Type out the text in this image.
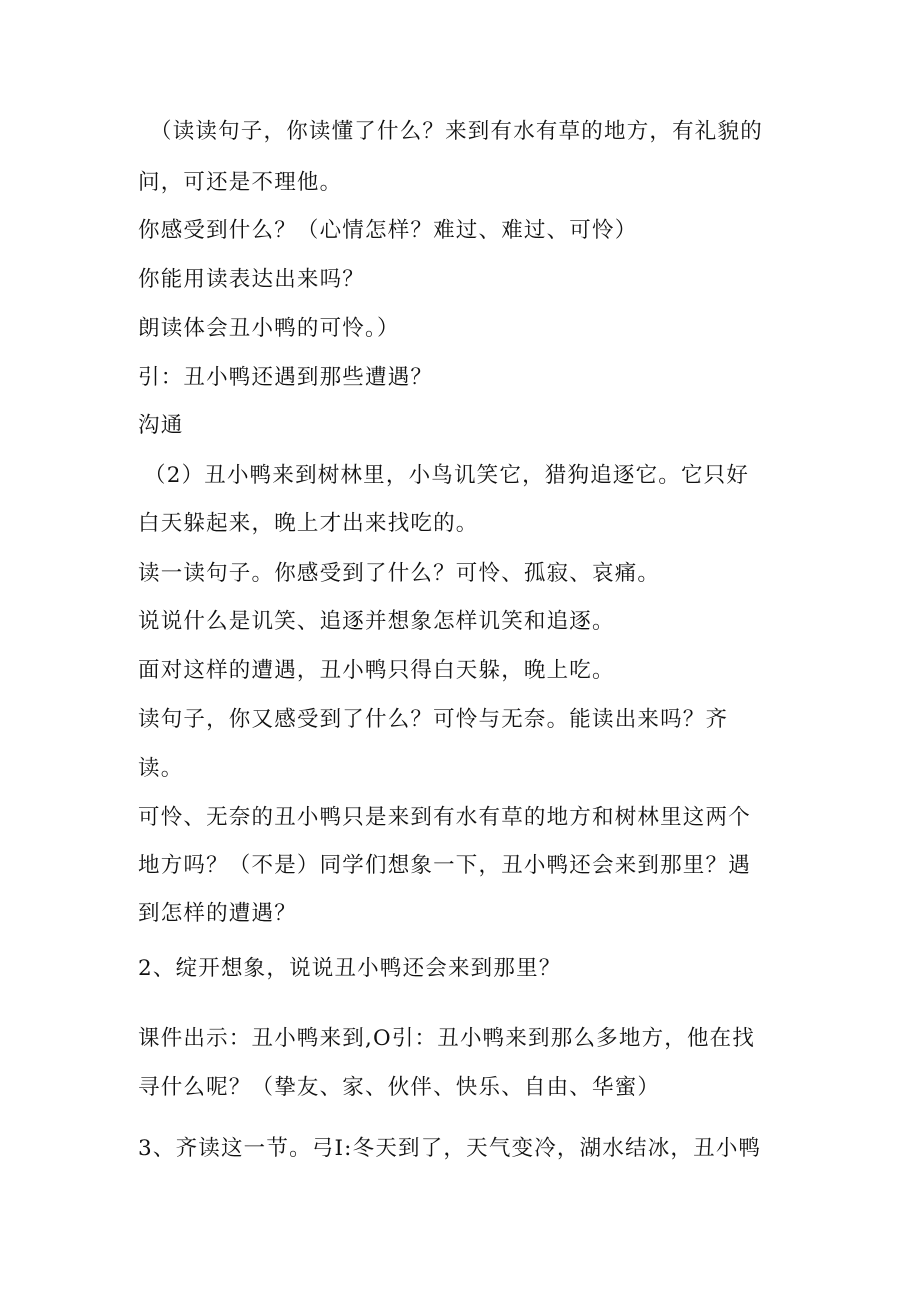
（读读句子，你读懂了什么？来到有水有草的地方，有礼貌的
问，可还是不理他。
你感受到什么？（心情怎样？难过、难过、可怜）
你能用读表达出来吗？
朗读体会丑小鸭的可怜。）
引：丑小鸭还遇到那些遭遇？
沟通
（2）丑小鸭来到树林里，小鸟讥笑它，猎狗追逐它。它只好
白天躲起来，晚上才出来找吃的。
读一读句子。你感受到了什么？可怜、孤寂、哀痛。
说说什么是讥笑、追逐并想象怎样讥笑和追逐。
面对这样的遭遇，丑小鸭只得白天躲，晚上吃。
读句子，你又感受到了什么？可怜与无奈。能读出来吗？齐
读。
可怜、无奈的丑小鸭只是来到有水有草的地方和树林里这两个
地方吗？（不是）同学们想象一下，丑小鸭还会来到那里？遇
到怎样的遭遇？
2、绽开想象，说说丑小鸭还会来到那里？
课件出示：丑小鸭来到,O引：丑小鸭来到那么多地方，他在找
寻什么呢？（挚友、家、伙伴、快乐、自由、华蜜）
3、齐读这一节。弓I:冬天到了，天气变冷，湖水结冰，丑小鸭
